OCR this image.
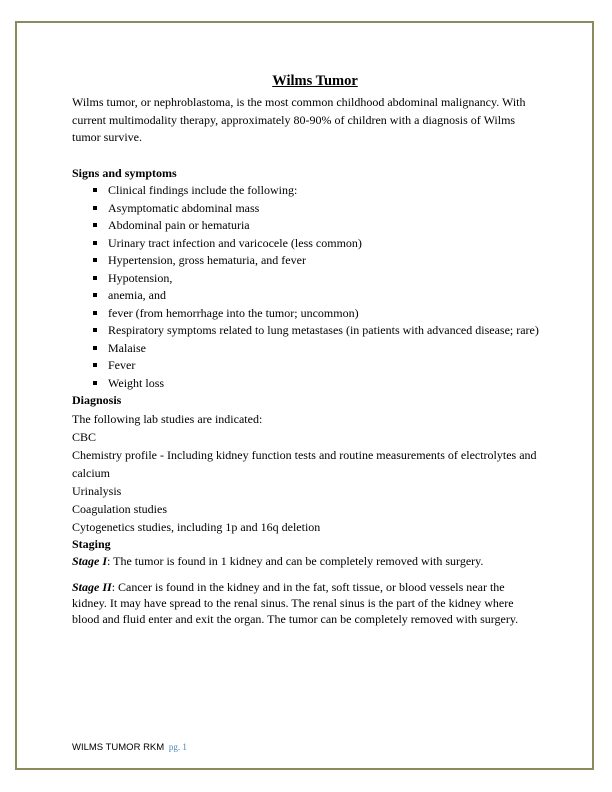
Wilms Tumor

Wilms tumor, or nephroblastoma, is the most common childhood abdominal malignancy. With current multimodality therapy, approximately 80-90% of children with a diagnosis of Wilms tumor survive.

Signs and symptoms

Clinical findings include the following:
Asymptomatic abdominal mass
Abdominal pain or hematuria
Urinary tract infection and varicocele (less common)
Hypertension, gross hematuria, and fever
Hypotension,
anemia, and
fever (from hemorrhage into the tumor; uncommon)
Respiratory symptoms related to lung metastases (in patients with advanced disease; rare)
Malaise
Fever
Weight loss

Diagnosis

The following lab studies are indicated:

CBC

Chemistry profile - Including kidney function tests and routine measurements of electrolytes and calcium

Urinalysis

Coagulation studies

Cytogenetics studies, including 1p and 16q deletion

Staging

Stage I: The tumor is found in 1 kidney and can be completely removed with surgery.

Stage II: Cancer is found in the kidney and in the fat, soft tissue, or blood vessels near the kidney. It may have spread to the renal sinus. The renal sinus is the part of the kidney where blood and fluid enter and exit the organ. The tumor can be completely removed with surgery.

WILMS TUMOR RKM pg. 1
